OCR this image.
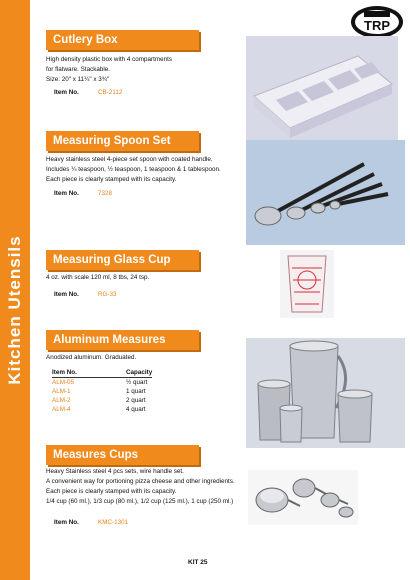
Kitchen Utensils
TRP
Cutlery Box
High density plastic box with 4 compartments
for flatware. Stackable.
Size: 20" x 11¼" x 3¾"
Item No.	CB-2112
Measuring Spoon Set
Heavy stainless steel 4-piece set spoon with coated handle.
Includes ¼ teaspoon, ½ teaspoon, 1 teaspoon & 1 tablespoon.
Each piece is clearly stamped with its capacity.
Item No.	7328
Measuring Glass Cup
4 oz. with scale 120 ml, 8 tbs, 24 tsp.
Item No.	RG-33
Aluminum Measures
Anodized aluminum. Graduated.
Item No.	Capacity
ALM-05	½ quart
ALM-1	1 quart
ALM-2	2 quart
ALM-4	4 quart
Measures Cups
Heavy Stainless steel 4 pcs sets, wire handle set.
A convenient way for portioning pizza cheese and other ingredients.
Each piece is clearly stamped with its capacity.
1/4 cup (60 ml.), 1/3 cup (80 ml.), 1/2 cup (125 ml.), 1 cup (250 ml.)
Item No.	KMC-1301
KIT 25
